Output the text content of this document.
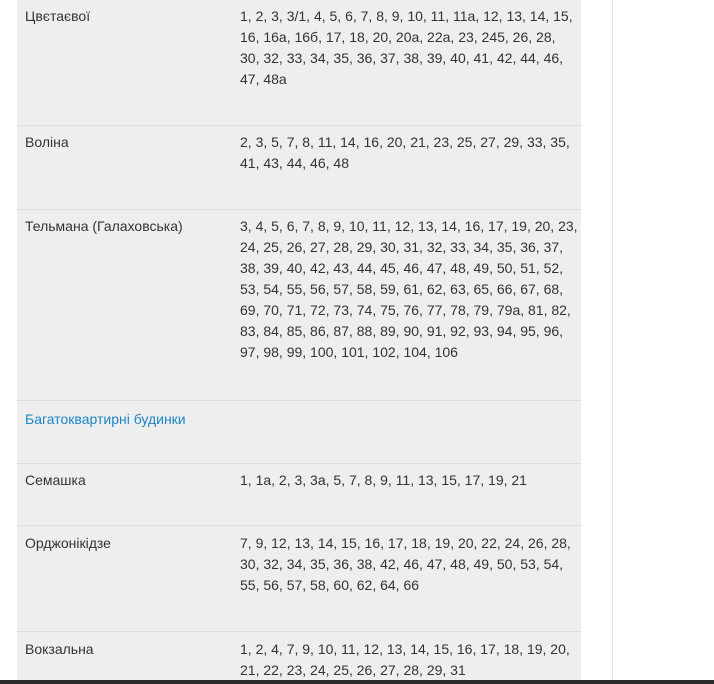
Цвєтаєвої	1, 2, 3, 3/1, 4, 5, 6, 7, 8, 9, 10, 11, 11а, 12, 13, 14, 15, 16, 16а, 16б, 17, 18, 20, 20а, 22а, 23, 245, 26, 28, 30, 32, 33, 34, 35, 36, 37, 38, 39, 40, 41, 42, 44, 46, 47, 48а
Воліна	2, 3, 5, 7, 8, 11, 14, 16, 20, 21, 23, 25, 27, 29, 33, 35, 41, 43, 44, 46, 48
Тельмана (Галаховська)	3, 4, 5, 6, 7, 8, 9, 10, 11, 12, 13, 14, 16, 17, 19, 20, 23, 24, 25, 26, 27, 28, 29, 30, 31, 32, 33, 34, 35, 36, 37, 38, 39, 40, 42, 43, 44, 45, 46, 47, 48, 49, 50, 51, 52, 53, 54, 55, 56, 57, 58, 59, 61, 62, 63, 65, 66, 67, 68, 69, 70, 71, 72, 73, 74, 75, 76, 77, 78, 79, 79а, 81, 82, 83, 84, 85, 86, 87, 88, 89, 90, 91, 92, 93, 94, 95, 96, 97, 98, 99, 100, 101, 102, 104, 106
Багатоквартирні будинки
Семашка	1, 1а, 2, 3, 3а, 5, 7, 8, 9, 11, 13, 15, 17, 19, 21
Орджонікідзе	7, 9, 12, 13, 14, 15, 16, 17, 18, 19, 20, 22, 24, 26, 28, 30, 32, 34, 35, 36, 38, 42, 46, 47, 48, 49, 50, 53, 54, 55, 56, 57, 58, 60, 62, 64, 66
Вокзальна	1, 2, 4, 7, 9, 10, 11, 12, 13, 14, 15, 16, 17, 18, 19, 20, 21, 22, 23, 24, 25, 26, 27, 28, 29, 31
